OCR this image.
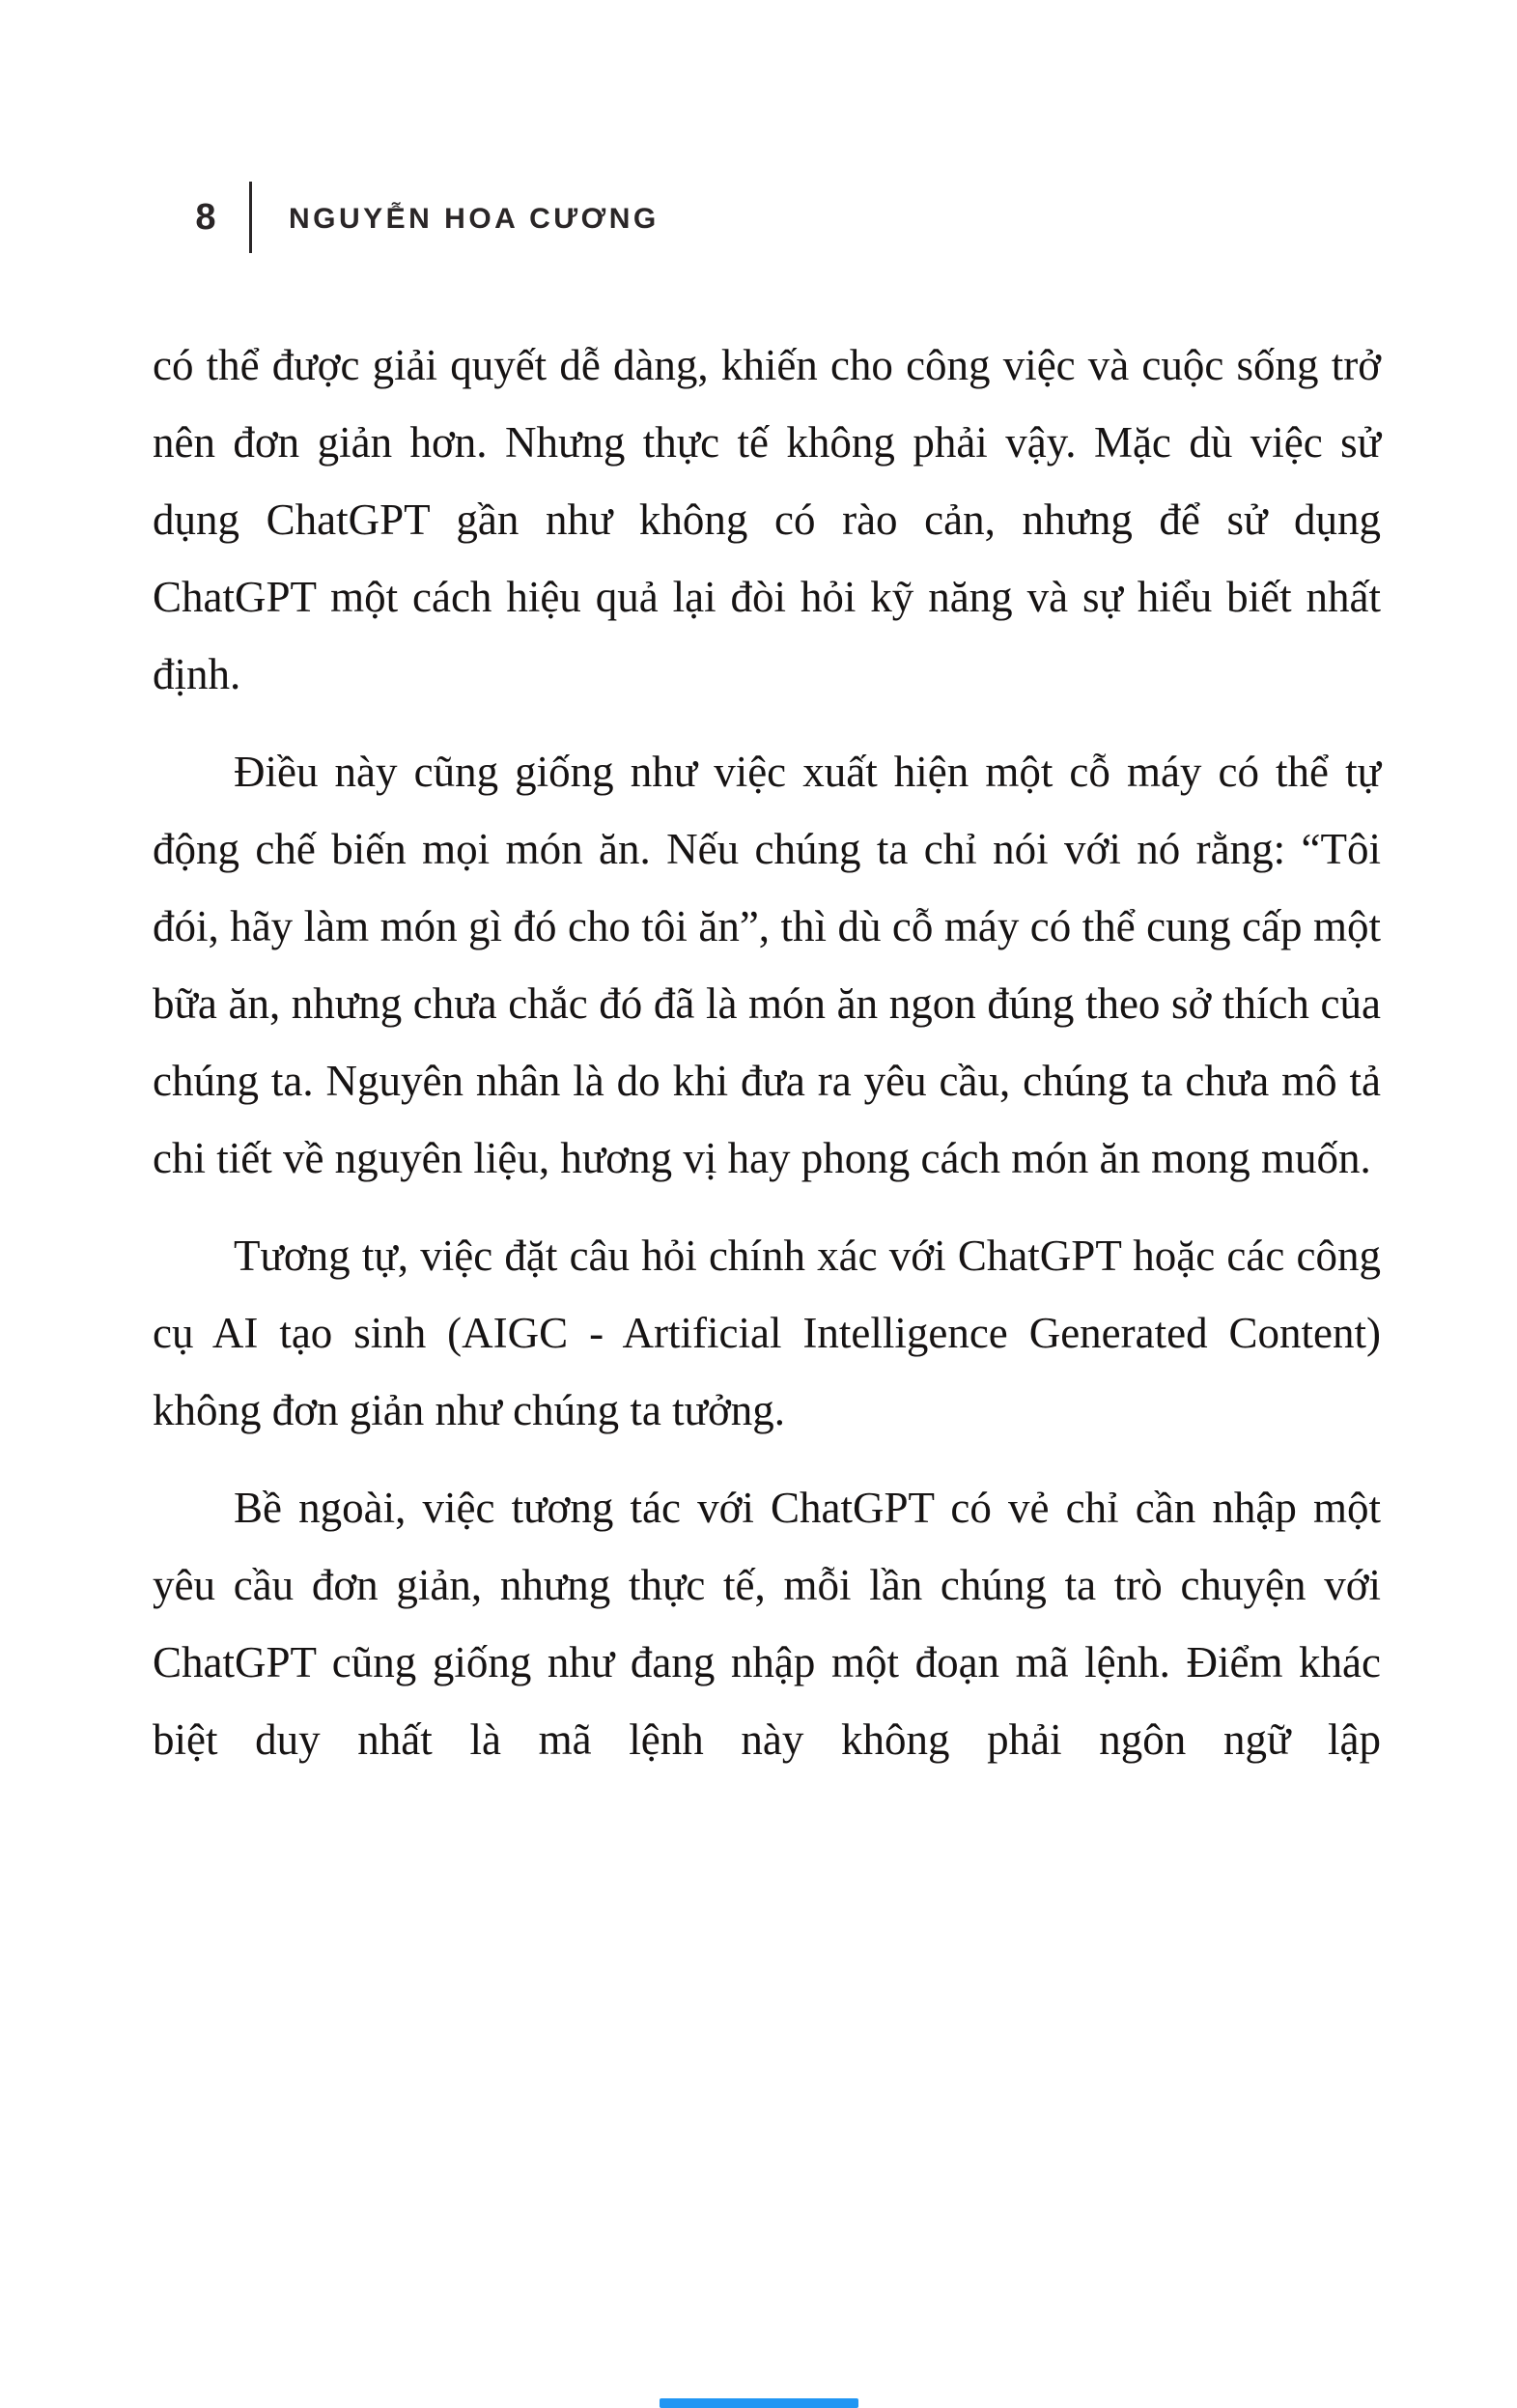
8	NGUYỄN HOA CƯƠNG

có thể được giải quyết dễ dàng, khiến cho công việc và cuộc sống trở nên đơn giản hơn. Nhưng thực tế không phải vậy. Mặc dù việc sử dụng ChatGPT gần như không có rào cản, nhưng để sử dụng ChatGPT một cách hiệu quả lại đòi hỏi kỹ năng và sự hiểu biết nhất định.

Điều này cũng giống như việc xuất hiện một cỗ máy có thể tự động chế biến mọi món ăn. Nếu chúng ta chỉ nói với nó rằng: “Tôi đói, hãy làm món gì đó cho tôi ăn”, thì dù cỗ máy có thể cung cấp một bữa ăn, nhưng chưa chắc đó đã là món ăn ngon đúng theo sở thích của chúng ta. Nguyên nhân là do khi đưa ra yêu cầu, chúng ta chưa mô tả chi tiết về nguyên liệu, hương vị hay phong cách món ăn mong muốn.

Tương tự, việc đặt câu hỏi chính xác với ChatGPT hoặc các công cụ AI tạo sinh (AIGC - Artificial Intelligence Generated Content) không đơn giản như chúng ta tưởng.

Bề ngoài, việc tương tác với ChatGPT có vẻ chỉ cần nhập một yêu cầu đơn giản, nhưng thực tế, mỗi lần chúng ta trò chuyện với ChatGPT cũng giống như đang nhập một đoạn mã lệnh. Điểm khác biệt duy nhất là mã lệnh này không phải ngôn ngữ lập
